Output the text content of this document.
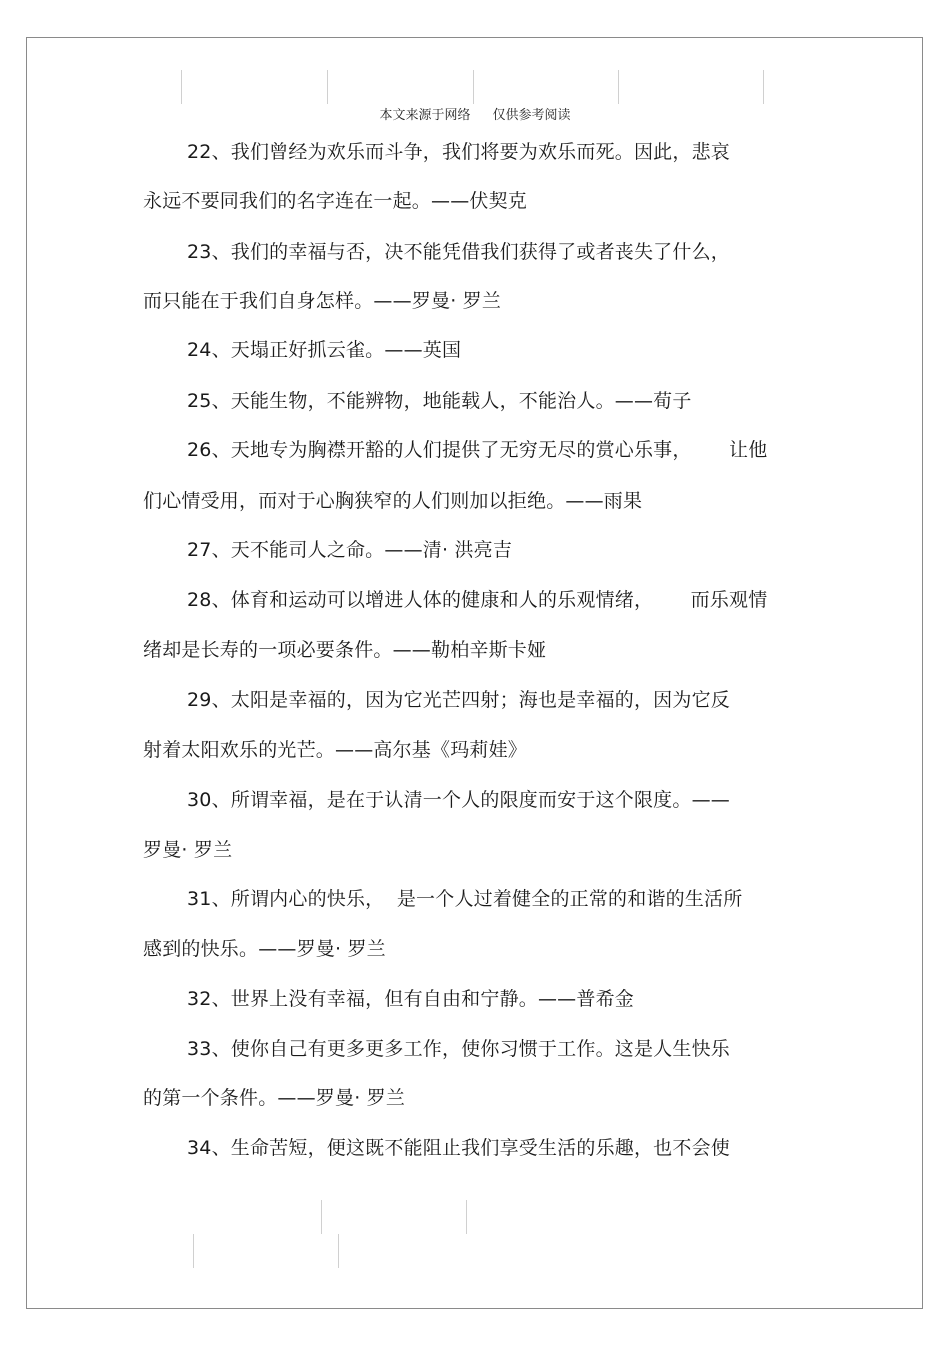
本文来源于网络 仅供参考阅读
22、我们曾经为欢乐而斗争，我们将要为欢乐而死。因此，悲哀
永远不要同我们的名字连在一起。——伏契克
23、我们的幸福与否，决不能凭借我们获得了或者丧失了什么，
而只能在于我们自身怎样。——罗曼· 罗兰
24、天塌正好抓云雀。——英国
25、天能生物，不能辨物，地能载人，不能治人。——荀子
26、天地专为胸襟开豁的人们提供了无穷无尽的赏心乐事，      让他
们心情受用，而对于心胸狭窄的人们则加以拒绝。——雨果
27、天不能司人之命。——清· 洪亮吉
28、体育和运动可以增进人体的健康和人的乐观情绪，      而乐观情
绪却是长寿的一项必要条件。——勒柏辛斯卡娅
29、太阳是幸福的，因为它光芒四射；海也是幸福的，因为它反
射着太阳欢乐的光芒。——高尔基《玛莉娃》
30、所谓幸福，是在于认清一个人的限度而安于这个限度。——
罗曼· 罗兰
31、所谓内心的快乐，  是一个人过着健全的正常的和谐的生活所
感到的快乐。——罗曼· 罗兰
32、世界上没有幸福，但有自由和宁静。——普希金
33、使你自己有更多更多工作，使你习惯于工作。这是人生快乐
的第一个条件。——罗曼· 罗兰
34、生命苦短，便这既不能阻止我们享受生活的乐趣，也不会使
